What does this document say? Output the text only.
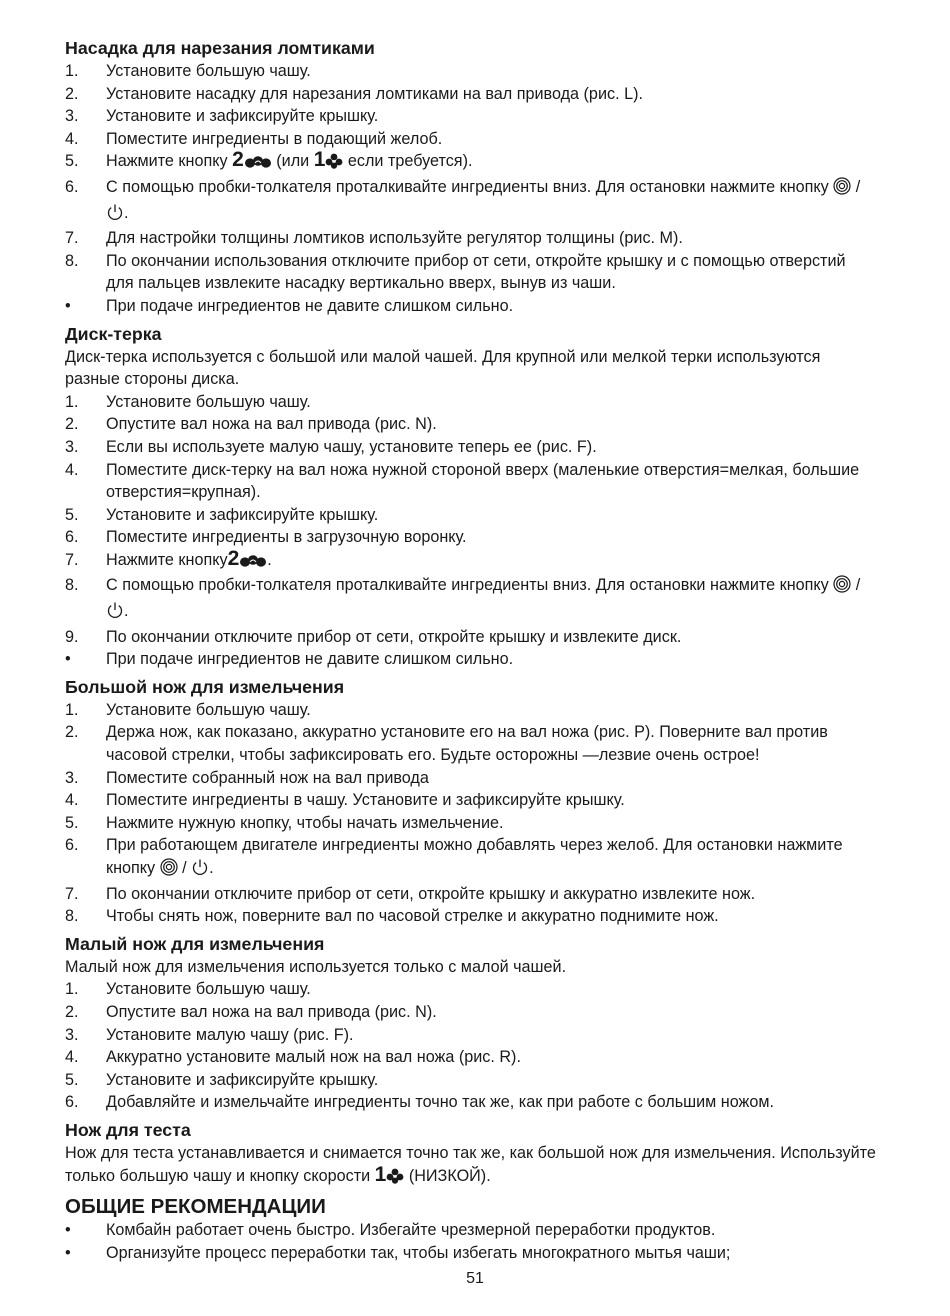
Насадка для нарезания ломтиками
1. Установите большую чашу.
2. Установите насадку для нарезания ломтиками на вал привода (рис. L).
3. Установите и зафиксируйте крышку.
4. Поместите ингредиенты в подающий желоб.
5. Нажмите кнопку 2 (или 1 если требуется).
6. С помощью пробки-толкателя проталкивайте ингредиенты вниз. Для остановки нажмите кнопку  / .
7. Для настройки толщины ломтиков используйте регулятор толщины (рис. M).
8. По окончании использования отключите прибор от сети, откройте крышку и с помощью отверстий для пальцев извлеките насадку вертикально вверх, вынув из чаши.
• При подаче ингредиентов не давите слишком сильно.
Диск-терка

Диск-терка используется с большой или малой чашей. Для крупной или мелкой терки используются разные стороны диска.

1. Установите большую чашу.
2. Опустите вал ножа на вал привода (рис. N).
3. Если вы используете малую чашу, установите теперь ее (рис. F).
4. Поместите диск-терку на вал ножа нужной стороной вверх (маленькие отверстия=мелкая, большие отверстия=крупная).
5. Установите и зафиксируйте крышку.
6. Поместите ингредиенты в загрузочную воронку.
7. Нажмите кнопку2 .
8. С помощью пробки-толкателя проталкивайте ингредиенты вниз. Для остановки нажмите кнопку  / .
9. По окончании отключите прибор от сети, откройте крышку и извлеките диск.
• При подаче ингредиентов не давите слишком сильно.
Большой нож для измельчения
1. Установите большую чашу.
2. Держа нож, как показано, аккуратно установите его на вал ножа (рис. P). Поверните вал против часовой стрелки, чтобы зафиксировать его. Будьте осторожны —лезвие очень острое!
3. Поместите собранный нож на вал привода
4. Поместите ингредиенты в чашу. Установите и зафиксируйте крышку.
5. Нажмите нужную кнопку, чтобы начать измельчение.
6. При работающем двигателе ингредиенты можно добавлять через желоб. Для остановки нажмите кнопку  / .
7. По окончании отключите прибор от сети, откройте крышку и аккуратно извлеките нож.
8. Чтобы снять нож, поверните вал по часовой стрелке и аккуратно поднимите нож.
Малый нож для измельчения

Малый нож для измельчения используется только с малой чашей.

1. Установите большую чашу.
2. Опустите вал ножа на вал привода (рис. N).
3. Установите малую чашу (рис. F).
4. Аккуратно установите малый нож на вал ножа (рис. R).
5. Установите и зафиксируйте крышку.
6. Добавляйте и измельчайте ингредиенты точно так же, как при работе с большим ножом.
Нож для теста

Нож для теста устанавливается и снимается точно так же, как большой нож для измельчения. Используйте только большую чашу и кнопку скорости 1 (НИЗКОЙ).

ОБЩИЕ РЕКОМЕНДАЦИИ
• Комбайн работает очень быстро. Избегайте чрезмерной переработки продуктов.
• Организуйте процесс переработки так, чтобы избегать многократного мытья чаши;
51
